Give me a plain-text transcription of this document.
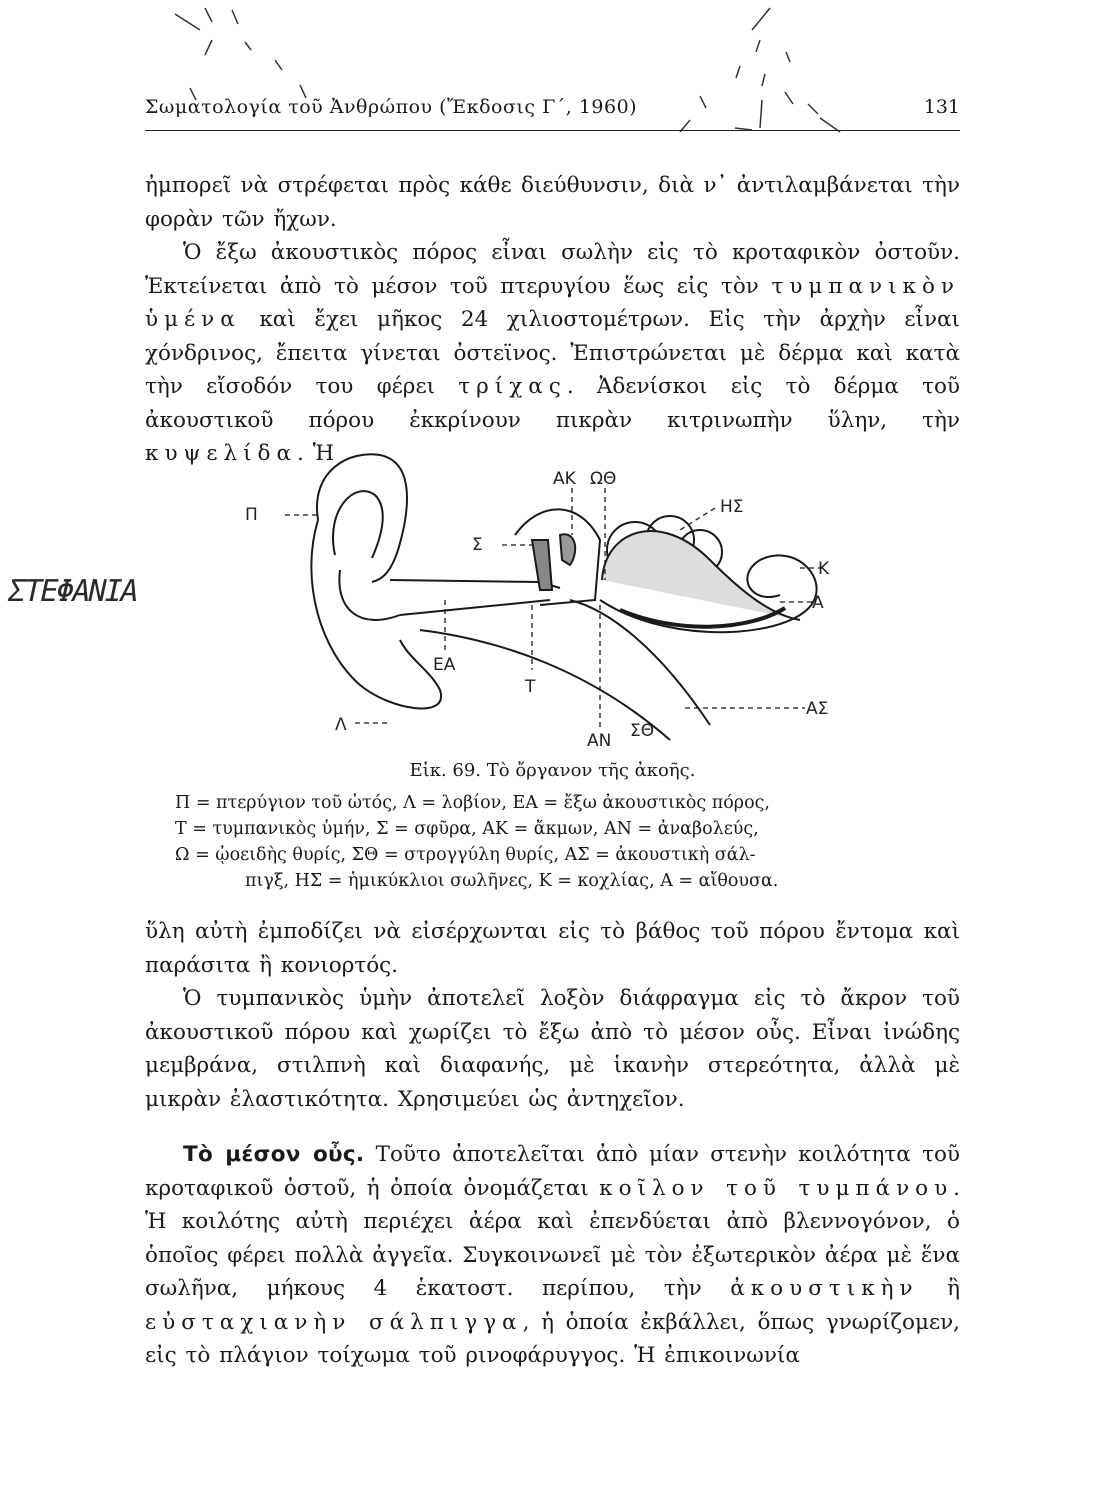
Σωματολογία τοῦ Ἀνθρώπου (Ἔκδοσις Γ΄, 1960)	131

ἠμπορεῖ νὰ στρέφεται πρὸς κάθε διεύθυνσιν, διὰ ν᾽ ἀντιλαμβάνεται τὴν φορὰν τῶν ἤχων.

Ὁ ἔξω ἀκουστικὸς πόρος εἶναι σωλὴν εἰς τὸ κροταφικὸν ὀστοῦν. Ἐκτείνεται ἀπὸ τὸ μέσον τοῦ πτερυγίου ἕως εἰς τὸν τυμπανικὸν ὑμένα καὶ ἔχει μῆκος 24 χιλιοστομέτρων. Εἰς τὴν ἀρχὴν εἶναι χόνδρινος, ἔπειτα γίνεται ὀστεϊνος. Ἐπιστρώνεται μὲ δέρμα καὶ κατὰ τὴν εἴσοδόν του φέρει τρίχας. Ἀδενίσκοι εἰς τὸ δέρμα τοῦ ἀκουστικοῦ πόρου ἐκκρίνουν πικρὰν κιτρινωπὴν ὕλην, τὴν κυψελίδα. Ἡ

ΣΤΕΦΑΝΙΑ
Π
Σ
ΑΚ ΩΘ
ΗΣ
Κ
Α
ΕΑ
Τ
Λ
ΑΝ ΣΘ
ΑΣ
Εἰκ. 69. Τὸ ὄργανον τῆς ἀκοῆς.
Π = πτερύγιον τοῦ ὠτός, Λ = λοβίον, ΕΑ = ἔξω ἀκουστικὸς πόρος,
Τ = τυμπανικὸς ὑμήν, Σ = σφῦρα, ΑΚ = ἄκμων, ΑΝ = ἀναβολεύς,
Ω = ᾠοειδὴς θυρίς, ΣΘ = στρογγύλη θυρίς, ΑΣ = ἀκουστικὴ σάλ-
πιγξ, ΗΣ = ἡμικύκλιοι σωλῆνες, Κ = κοχλίας, Α = αἴθουσα.

ὕλη αὐτὴ ἐμποδίζει νὰ εἰσέρχωνται εἰς τὸ βάθος τοῦ πόρου ἔντομα καὶ παράσιτα ἢ κονιορτός.

Ὁ τυμπανικὸς ὑμὴν ἀποτελεῖ λοξὸν διάφραγμα εἰς τὸ ἄκρον τοῦ ἀκουστικοῦ πόρου καὶ χωρίζει τὸ ἔξω ἀπὸ τὸ μέσον οὖς. Εἶναι ἰνώδης μεμβράνα, στιλπνὴ καὶ διαφανής, μὲ ἱκανὴν στερεότητα, ἀλλὰ μὲ μικρὰν ἐλαστικότητα. Χρησιμεύει ὡς ἀντηχεῖον.

Τὸ μέσον οὖς. Τοῦτο ἀποτελεῖται ἀπὸ μίαν στενὴν κοιλότητα τοῦ κροταφικοῦ ὀστοῦ, ἡ ὁποία ὀνομάζεται κοῖλον τοῦ τυμπάνου. Ἡ κοιλότης αὐτὴ περιέχει ἀέρα καὶ ἐπενδύεται ἀπὸ βλεννογόνον, ὁ ὁποῖος φέρει πολλὰ ἀγγεῖα. Συγκοινωνεῖ μὲ τὸν ἐξωτερικὸν ἀέρα μὲ ἕνα σωλῆνα, μήκους 4 ἑκατοστ. περίπου, τὴν ἀκουστικὴν ἢ εὐσταχιανὴν σάλπιγγα, ἡ ὁποία ἐκβάλλει, ὅπως γνωρίζομεν, εἰς τὸ πλάγιον τοίχωμα τοῦ ρινοφάρυγγος. Ἡ ἐπικοινωνία
